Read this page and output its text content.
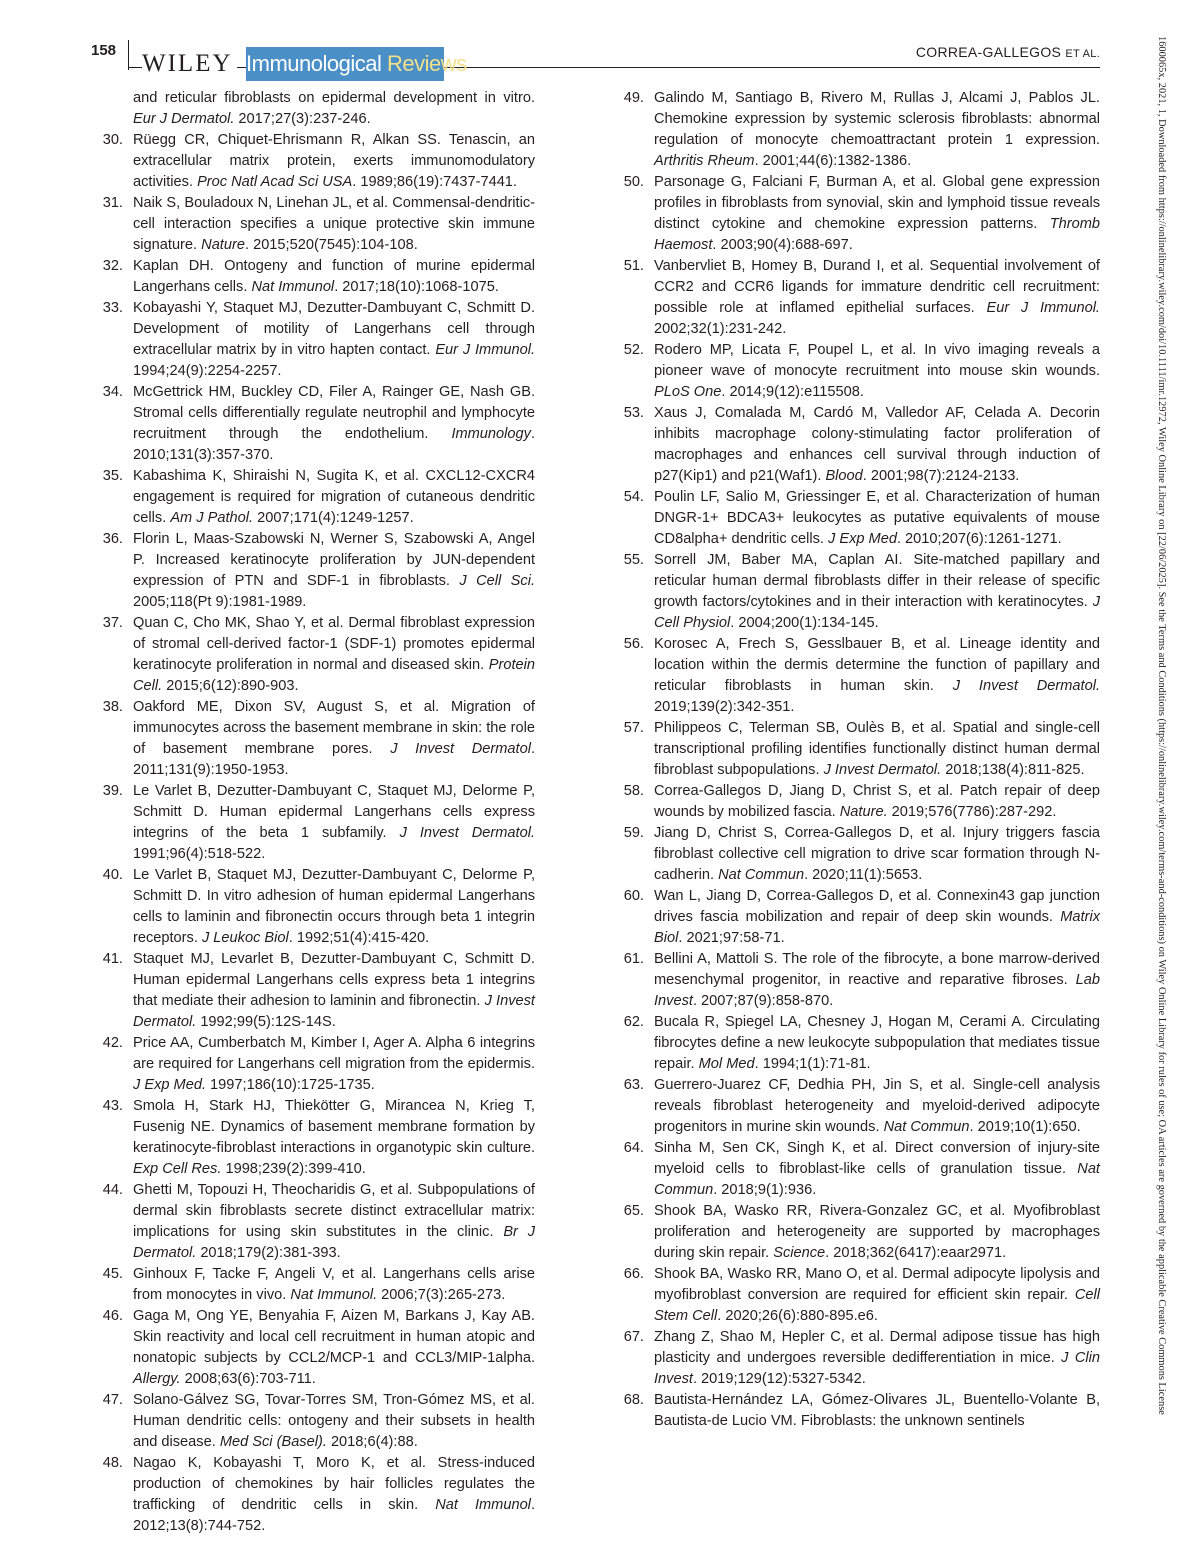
158 WILEY Immunological Reviews	CORREA-GALLEGOS ET AL.
and reticular fibroblasts on epidermal development in vitro. Eur J Dermatol. 2017;27(3):237-246.
30. Rüegg CR, Chiquet-Ehrismann R, Alkan SS. Tenascin, an extracellular matrix protein, exerts immunomodulatory activities. Proc Natl Acad Sci USA. 1989;86(19):7437-7441.
31. Naik S, Bouladoux N, Linehan JL, et al. Commensal-dendritic-cell interaction specifies a unique protective skin immune signature. Nature. 2015;520(7545):104-108.
32. Kaplan DH. Ontogeny and function of murine epidermal Langerhans cells. Nat Immunol. 2017;18(10):1068-1075.
33. Kobayashi Y, Staquet MJ, Dezutter-Dambuyant C, Schmitt D. Development of motility of Langerhans cell through extracellular matrix by in vitro hapten contact. Eur J Immunol. 1994;24(9):2254-2257.
34. McGettrick HM, Buckley CD, Filer A, Rainger GE, Nash GB. Stromal cells differentially regulate neutrophil and lymphocyte recruitment through the endothelium. Immunology. 2010;131(3):357-370.
35. Kabashima K, Shiraishi N, Sugita K, et al. CXCL12-CXCR4 engagement is required for migration of cutaneous dendritic cells. Am J Pathol. 2007;171(4):1249-1257.
36. Florin L, Maas-Szabowski N, Werner S, Szabowski A, Angel P. Increased keratinocyte proliferation by JUN-dependent expression of PTN and SDF-1 in fibroblasts. J Cell Sci. 2005;118(Pt 9):1981-1989.
37. Quan C, Cho MK, Shao Y, et al. Dermal fibroblast expression of stromal cell-derived factor-1 (SDF-1) promotes epidermal keratinocyte proliferation in normal and diseased skin. Protein Cell. 2015;6(12):890-903.
38. Oakford ME, Dixon SV, August S, et al. Migration of immunocytes across the basement membrane in skin: the role of basement membrane pores. J Invest Dermatol. 2011;131(9):1950-1953.
39. Le Varlet B, Dezutter-Dambuyant C, Staquet MJ, Delorme P, Schmitt D. Human epidermal Langerhans cells express integrins of the beta 1 subfamily. J Invest Dermatol. 1991;96(4):518-522.
40. Le Varlet B, Staquet MJ, Dezutter-Dambuyant C, Delorme P, Schmitt D. In vitro adhesion of human epidermal Langerhans cells to laminin and fibronectin occurs through beta 1 integrin receptors. J Leukoc Biol. 1992;51(4):415-420.
41. Staquet MJ, Levarlet B, Dezutter-Dambuyant C, Schmitt D. Human epidermal Langerhans cells express beta 1 integrins that mediate their adhesion to laminin and fibronectin. J Invest Dermatol. 1992;99(5):12S-14S.
42. Price AA, Cumberbatch M, Kimber I, Ager A. Alpha 6 integrins are required for Langerhans cell migration from the epidermis. J Exp Med. 1997;186(10):1725-1735.
43. Smola H, Stark HJ, Thiekötter G, Mirancea N, Krieg T, Fusenig NE. Dynamics of basement membrane formation by keratinocyte-fibroblast interactions in organotypic skin culture. Exp Cell Res. 1998;239(2):399-410.
44. Ghetti M, Topouzi H, Theocharidis G, et al. Subpopulations of dermal skin fibroblasts secrete distinct extracellular matrix: implications for using skin substitutes in the clinic. Br J Dermatol. 2018;179(2):381-393.
45. Ginhoux F, Tacke F, Angeli V, et al. Langerhans cells arise from monocytes in vivo. Nat Immunol. 2006;7(3):265-273.
46. Gaga M, Ong YE, Benyahia F, Aizen M, Barkans J, Kay AB. Skin reactivity and local cell recruitment in human atopic and nonatopic subjects by CCL2/MCP-1 and CCL3/MIP-1alpha. Allergy. 2008;63(6):703-711.
47. Solano-Gálvez SG, Tovar-Torres SM, Tron-Gómez MS, et al. Human dendritic cells: ontogeny and their subsets in health and disease. Med Sci (Basel). 2018;6(4):88.
48. Nagao K, Kobayashi T, Moro K, et al. Stress-induced production of chemokines by hair follicles regulates the trafficking of dendritic cells in skin. Nat Immunol. 2012;13(8):744-752.
49. Galindo M, Santiago B, Rivero M, Rullas J, Alcami J, Pablos JL. Chemokine expression by systemic sclerosis fibroblasts: abnormal regulation of monocyte chemoattractant protein 1 expression. Arthritis Rheum. 2001;44(6):1382-1386.
50. Parsonage G, Falciani F, Burman A, et al. Global gene expression profiles in fibroblasts from synovial, skin and lymphoid tissue reveals distinct cytokine and chemokine expression patterns. Thromb Haemost. 2003;90(4):688-697.
51. Vanbervliet B, Homey B, Durand I, et al. Sequential involvement of CCR2 and CCR6 ligands for immature dendritic cell recruitment: possible role at inflamed epithelial surfaces. Eur J Immunol. 2002;32(1):231-242.
52. Rodero MP, Licata F, Poupel L, et al. In vivo imaging reveals a pioneer wave of monocyte recruitment into mouse skin wounds. PLoS One. 2014;9(12):e115508.
53. Xaus J, Comalada M, Cardó M, Valledor AF, Celada A. Decorin inhibits macrophage colony-stimulating factor proliferation of macrophages and enhances cell survival through induction of p27(Kip1) and p21(Waf1). Blood. 2001;98(7):2124-2133.
54. Poulin LF, Salio M, Griessinger E, et al. Characterization of human DNGR-1+ BDCA3+ leukocytes as putative equivalents of mouse CD8alpha+ dendritic cells. J Exp Med. 2010;207(6):1261-1271.
55. Sorrell JM, Baber MA, Caplan AI. Site-matched papillary and reticular human dermal fibroblasts differ in their release of specific growth factors/cytokines and in their interaction with keratinocytes. J Cell Physiol. 2004;200(1):134-145.
56. Korosec A, Frech S, Gesslbauer B, et al. Lineage identity and location within the dermis determine the function of papillary and reticular fibroblasts in human skin. J Invest Dermatol. 2019;139(2):342-351.
57. Philippeos C, Telerman SB, Oulès B, et al. Spatial and single-cell transcriptional profiling identifies functionally distinct human dermal fibroblast subpopulations. J Invest Dermatol. 2018;138(4):811-825.
58. Correa-Gallegos D, Jiang D, Christ S, et al. Patch repair of deep wounds by mobilized fascia. Nature. 2019;576(7786):287-292.
59. Jiang D, Christ S, Correa-Gallegos D, et al. Injury triggers fascia fibroblast collective cell migration to drive scar formation through N-cadherin. Nat Commun. 2020;11(1):5653.
60. Wan L, Jiang D, Correa-Gallegos D, et al. Connexin43 gap junction drives fascia mobilization and repair of deep skin wounds. Matrix Biol. 2021;97:58-71.
61. Bellini A, Mattoli S. The role of the fibrocyte, a bone marrow-derived mesenchymal progenitor, in reactive and reparative fibroses. Lab Invest. 2007;87(9):858-870.
62. Bucala R, Spiegel LA, Chesney J, Hogan M, Cerami A. Circulating fibrocytes define a new leukocyte subpopulation that mediates tissue repair. Mol Med. 1994;1(1):71-81.
63. Guerrero-Juarez CF, Dedhia PH, Jin S, et al. Single-cell analysis reveals fibroblast heterogeneity and myeloid-derived adipocyte progenitors in murine skin wounds. Nat Commun. 2019;10(1):650.
64. Sinha M, Sen CK, Singh K, et al. Direct conversion of injury-site myeloid cells to fibroblast-like cells of granulation tissue. Nat Commun. 2018;9(1):936.
65. Shook BA, Wasko RR, Rivera-Gonzalez GC, et al. Myofibroblast proliferation and heterogeneity are supported by macrophages during skin repair. Science. 2018;362(6417):eaar2971.
66. Shook BA, Wasko RR, Mano O, et al. Dermal adipocyte lipolysis and myofibroblast conversion are required for efficient skin repair. Cell Stem Cell. 2020;26(6):880-895.e6.
67. Zhang Z, Shao M, Hepler C, et al. Dermal adipose tissue has high plasticity and undergoes reversible dedifferentiation in mice. J Clin Invest. 2019;129(12):5327-5342.
68. Bautista-Hernández LA, Gómez-Olivares JL, Buentello-Volante B, Bautista-de Lucio VM. Fibroblasts: the unknown sentinels
1600065x, 2021, 1, Downloaded from https://onlinelibrary.wiley.com/doi/10.1111/imr.12972, Wiley Online Library on [22/06/2025]. See the Terms and Conditions (https://onlinelibrary.wiley.com/terms-and-conditions) on Wiley Online Library for rules of use; OA articles are governed by the applicable Creative Commons License
